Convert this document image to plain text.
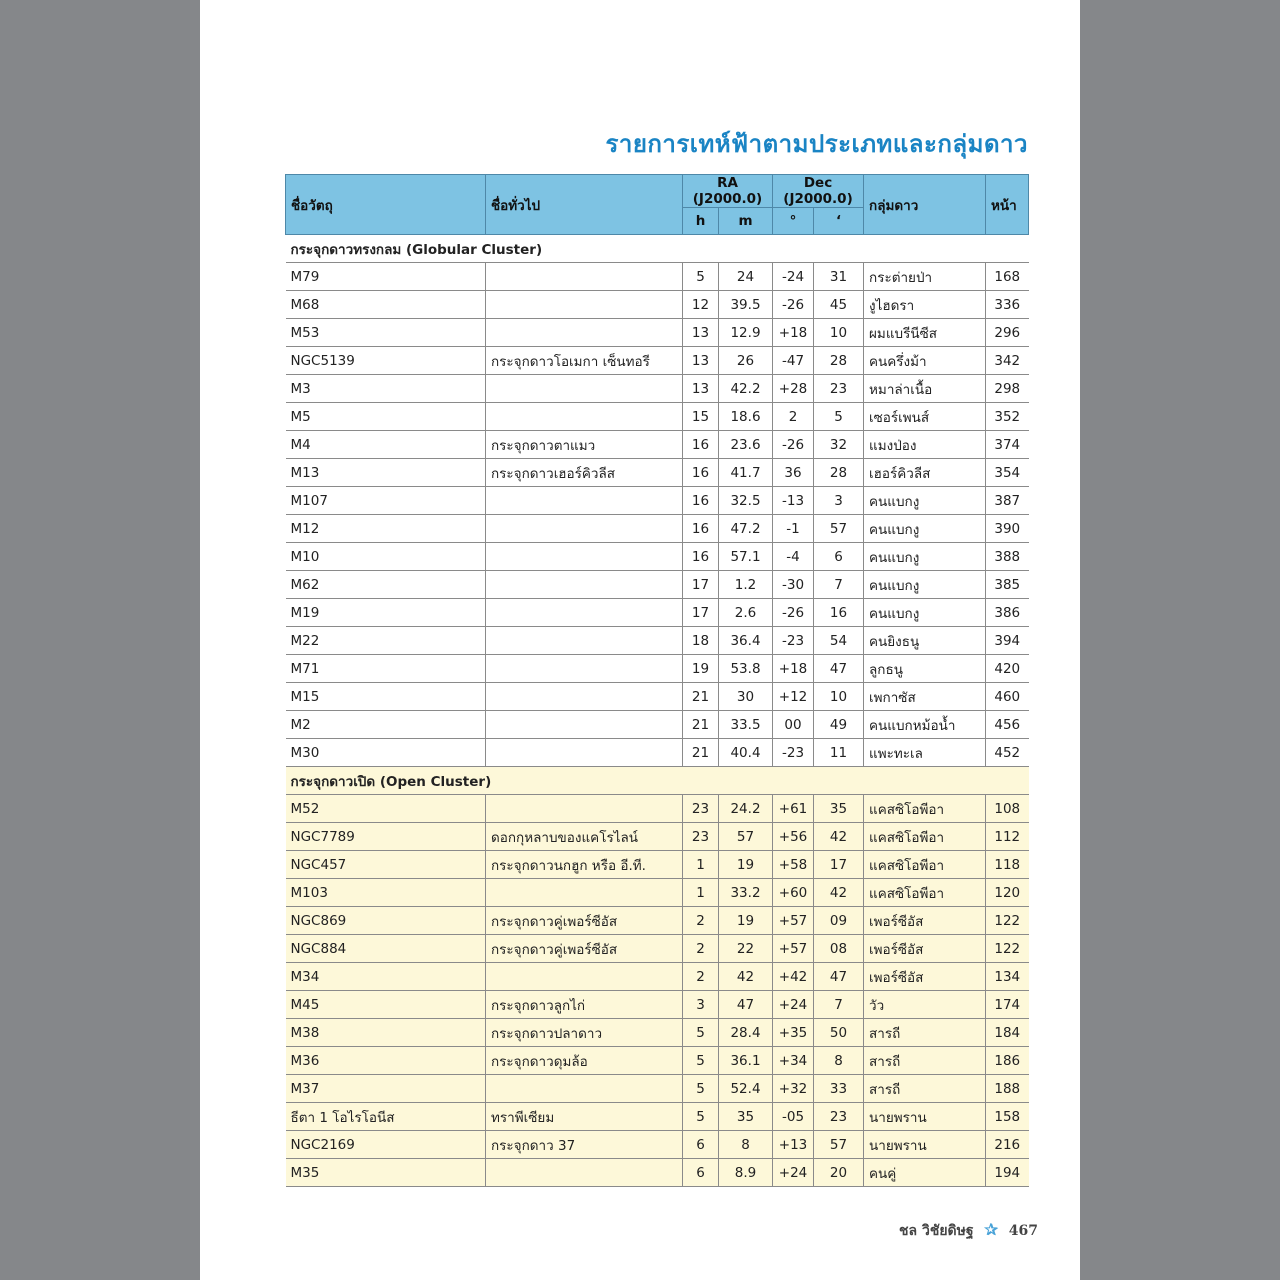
รายการเทห์ฟ้าตามประเภทและกลุ่มดาว
ชื่อวัตถุ	ชื่อทั่วไป	RA (J2000.0)		Dec (J2000.0)		กลุ่มดาว	หน้า
		h	m	°	‘		
กระจุกดาวทรงกลม (Globular Cluster)							
M79		5	24	-24	31	กระต่ายป่า	168
M68		12	39.5	-26	45	งูไฮดรา	336
M53		13	12.9	+18	10	ผมแบรีนีซีส	296
NGC5139	กระจุกดาวโอเมกา เซ็นทอรี	13	26	-47	28	คนครึ่งม้า	342
M3		13	42.2	+28	23	หมาล่าเนื้อ	298
M5		15	18.6	2	5	เซอร์เพนส์	352
M4	กระจุกดาวตาแมว	16	23.6	-26	32	แมงป่อง	374
M13	กระจุกดาวเฮอร์คิวลีส	16	41.7	36	28	เฮอร์คิวลีส	354
M107		16	32.5	-13	3	คนแบกงู	387
M12		16	47.2	-1	57	คนแบกงู	390
M10		16	57.1	-4	6	คนแบกงู	388
M62		17	1.2	-30	7	คนแบกงู	385
M19		17	2.6	-26	16	คนแบกงู	386
M22		18	36.4	-23	54	คนยิงธนู	394
M71		19	53.8	+18	47	ลูกธนู	420
M15		21	30	+12	10	เพกาซัส	460
M2		21	33.5	00	49	คนแบกหม้อน้ำ	456
M30		21	40.4	-23	11	แพะทะเล	452
กระจุกดาวเปิด (Open Cluster)							
M52		23	24.2	+61	35	แคสซิโอพีอา	108
NGC7789	ดอกกุหลาบของแคโรไลน์	23	57	+56	42	แคสซิโอพีอา	112
NGC457	กระจุกดาวนกฮูก หรือ อี.ที.	1	19	+58	17	แคสซิโอพีอา	118
M103		1	33.2	+60	42	แคสซิโอพีอา	120
NGC869	กระจุกดาวคู่เพอร์ซีอัส	2	19	+57	09	เพอร์ซีอัส	122
NGC884	กระจุกดาวคู่เพอร์ซีอัส	2	22	+57	08	เพอร์ซีอัส	122
M34		2	42	+42	47	เพอร์ซีอัส	134
M45	กระจุกดาวลูกไก่	3	47	+24	7	วัว	174
M38	กระจุกดาวปลาดาว	5	28.4	+35	50	สารถี	184
M36	กระจุกดาวดุมล้อ	5	36.1	+34	8	สารถี	186
M37		5	52.4	+32	33	สารถี	188
ธีตา 1 โอไรโอนีส	ทราพีเซียม	5	35	-05	23	นายพราน	158
NGC2169	กระจุกดาว 37	6	8	+13	57	นายพราน	216
M35		6	8.9	+24	20	คนคู่	194
ชล วิชัยดิษฐ ✰ 467
